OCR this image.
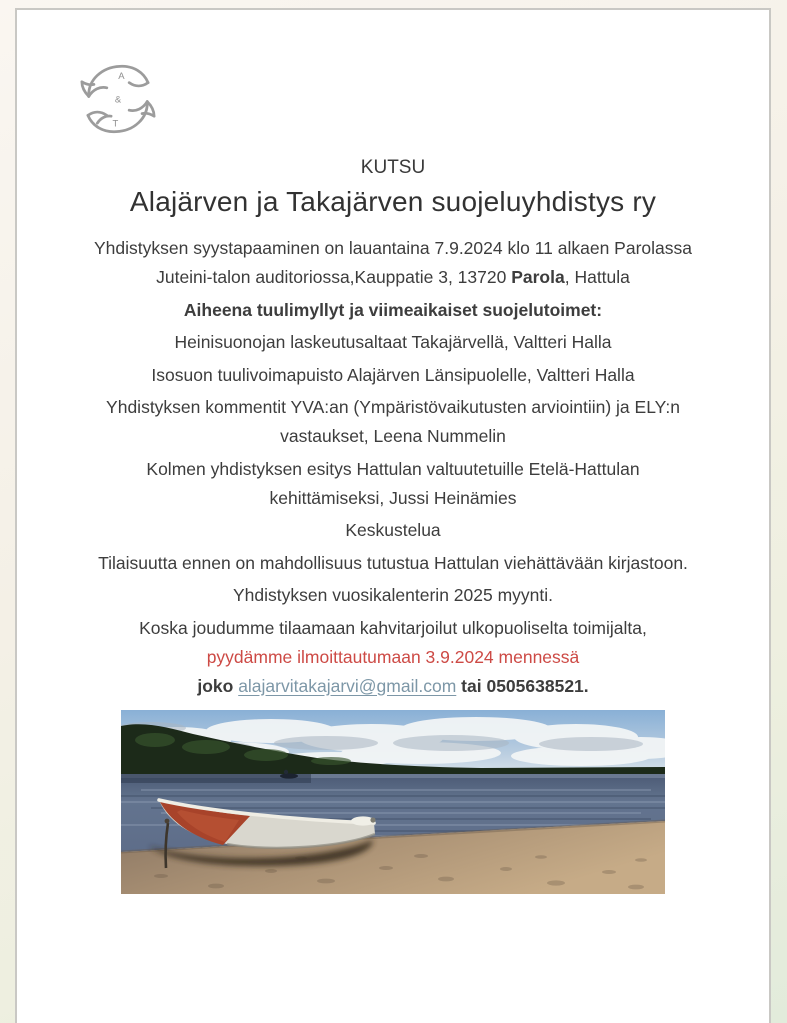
A
&
T
KUTSU
Alajärven ja Takajärven suojeluyhdistys ry

Yhdistyksen syystapaaminen on lauantaina 7.9.2024 klo 11 alkaen Parolassa Juteini-talon auditoriossa,Kauppatie 3, 13720 Parola, Hattula

Aiheena tuulimyllyt ja viimeaikaiset suojelutoimet:

Heinisuonojan laskeutusaltaat Takajärvellä, Valtteri Halla

Isosuon tuulivoimapuisto Alajärven Länsipuolelle, Valtteri Halla

Yhdistyksen kommentit YVA:an (Ympäristövaikutusten arviointiin) ja ELY:n vastaukset, Leena Nummelin

Kolmen yhdistyksen esitys Hattulan valtuutetuille Etelä-Hattulan kehittämiseksi, Jussi Heinämies

Keskustelua

Tilaisuutta ennen on mahdollisuus tutustua Hattulan viehättävään kirjastoon.

Yhdistyksen vuosikalenterin 2025 myynti.

Koska joudumme tilaamaan kahvitarjoilut ulkopuoliselta toimijalta,
pyydämme ilmoittautumaan 3.9.2024 mennessä
joko alajarvitakajarvi@gmail.com tai 0505638521.
